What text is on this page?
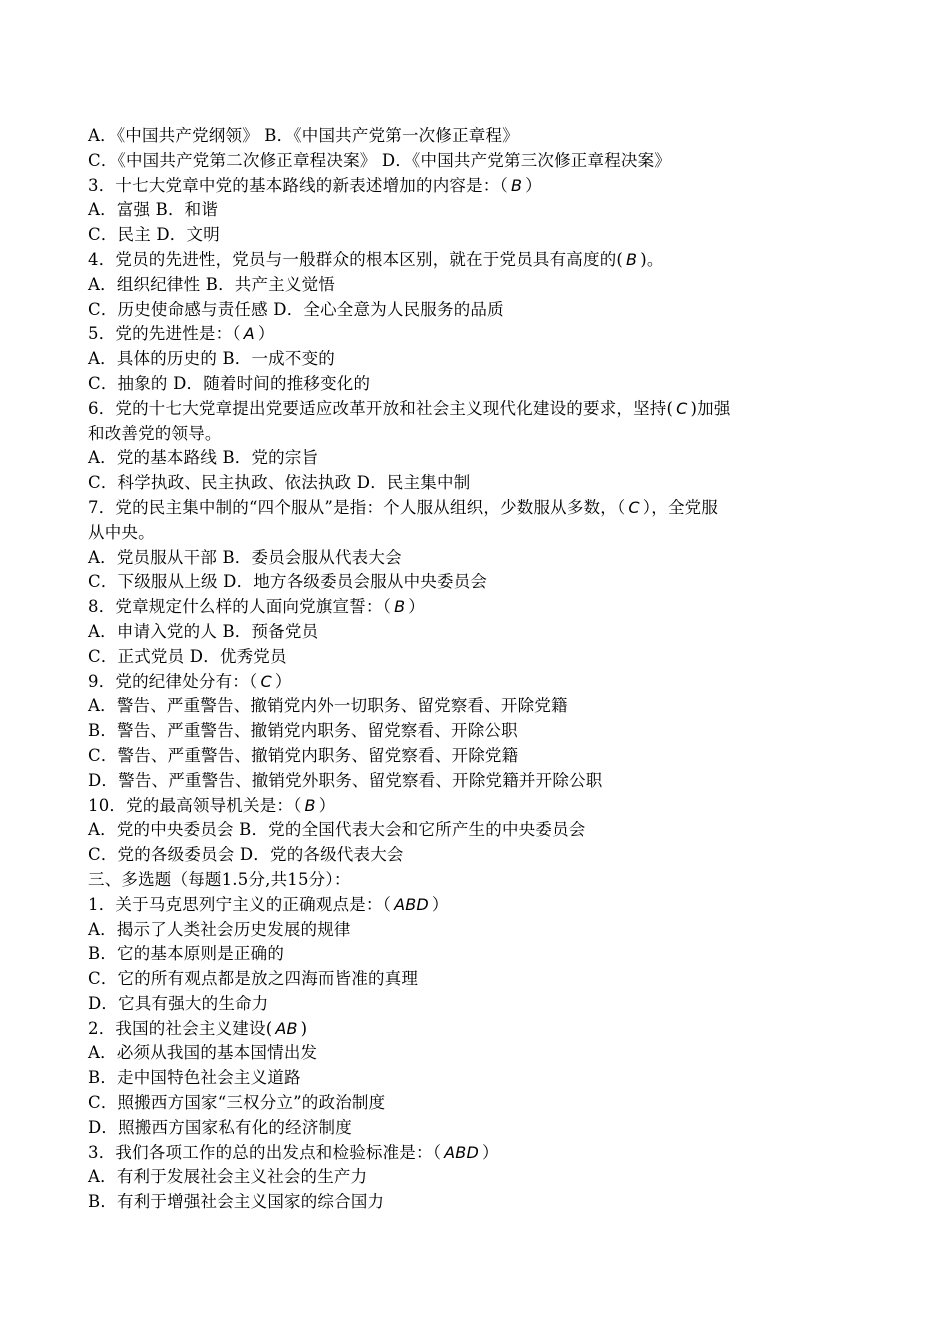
A．《中国共产党纲领》 B．《中国共产党第一次修正章程》
C．《中国共产党第二次修正章程决案》 D．《中国共产党第三次修正章程决案》
3．十七大党章中党的基本路线的新表述增加的内容是：（ B ）
A．富强 B．和谐
C．民主 D．文明
4．党员的先进性，党员与一般群众的根本区别，就在于党员具有高度的( B )。
A．组织纪律性 B．共产主义觉悟
C．历史使命感与责任感 D．全心全意为人民服务的品质
5．党的先进性是：（ A ）
A．具体的历史的 B．一成不变的
C．抽象的 D．随着时间的推移变化的
6．党的十七大党章提出党要适应改革开放和社会主义现代化建设的要求，坚持( C )加强
和改善党的领导。
A．党的基本路线 B．党的宗旨
C．科学执政、民主执政、依法执政 D．民主集中制
7．党的民主集中制的“四个服从”是指：个人服从组织，少数服从多数，（ C ），全党服
从中央。
A．党员服从干部 B．委员会服从代表大会
C．下级服从上级 D．地方各级委员会服从中央委员会
8．党章规定什么样的人面向党旗宣誓：（ B ）
A．申请入党的人 B．预备党员
C．正式党员 D．优秀党员
9．党的纪律处分有：（ C ）
A．警告、严重警告、撤销党内外一切职务、留党察看、开除党籍
B．警告、严重警告、撤销党内职务、留党察看、开除公职
C．警告、严重警告、撤销党内职务、留党察看、开除党籍
D．警告、严重警告、撤销党外职务、留党察看、开除党籍并开除公职
10．党的最高领导机关是：（ B ）
A．党的中央委员会 B．党的全国代表大会和它所产生的中央委员会
C．党的各级委员会 D．党的各级代表大会
三、多选题（每题1.5分,共15分）：
1．关于马克思列宁主义的正确观点是：（ ABD ）
A．揭示了人类社会历史发展的规律
B．它的基本原则是正确的
C．它的所有观点都是放之四海而皆准的真理
D．它具有强大的生命力
2．我国的社会主义建设( AB )
A．必须从我国的基本国情出发
B．走中国特色社会主义道路
C．照搬西方国家“三权分立”的政治制度
D．照搬西方国家私有化的经济制度
3．我们各项工作的总的出发点和检验标准是：（ ABD ）
A．有利于发展社会主义社会的生产力
B．有利于增强社会主义国家的综合国力
